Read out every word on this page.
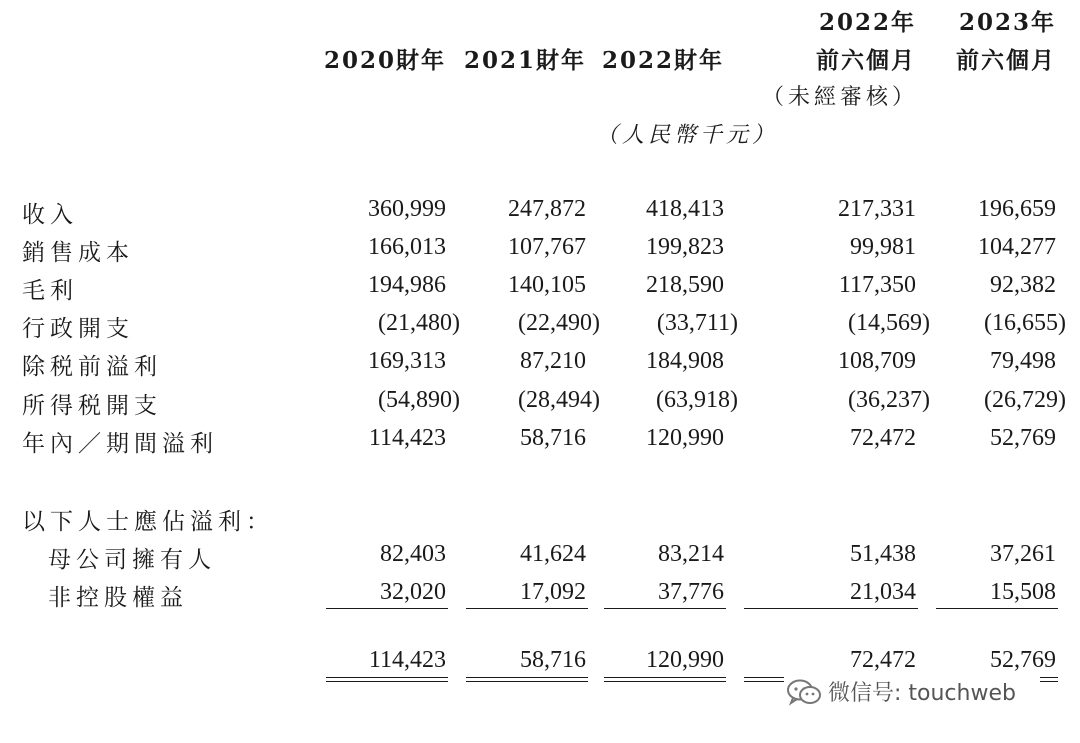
2022年	2023年
2020財年 2021財年 2022財年	前六個月	前六個月
（未經審核）
（人民幣千元）
收入	360,999	247,872	418,413	217,331	196,659
銷售成本	166,013	107,767	199,823	99,981	104,277
毛利	194,986	140,105	218,590	117,350	92,382
行政開支	(21,480)	(22,490)	(33,711)	(14,569)	(16,655)
除税前溢利	169,313	87,210	184,908	108,709	79,498
所得税開支	(54,890)	(28,494)	(63,918)	(36,237)	(26,729)
年內／期間溢利	114,423	58,716	120,990	72,472	52,769
以下人士應佔溢利：
母公司擁有人	82,403	41,624	83,214	51,438	37,261
非控股權益	32,020	17,092	37,776	21,034	15,508
114,423	58,716	120,990	72,472	52,769
微信号: touchweb
